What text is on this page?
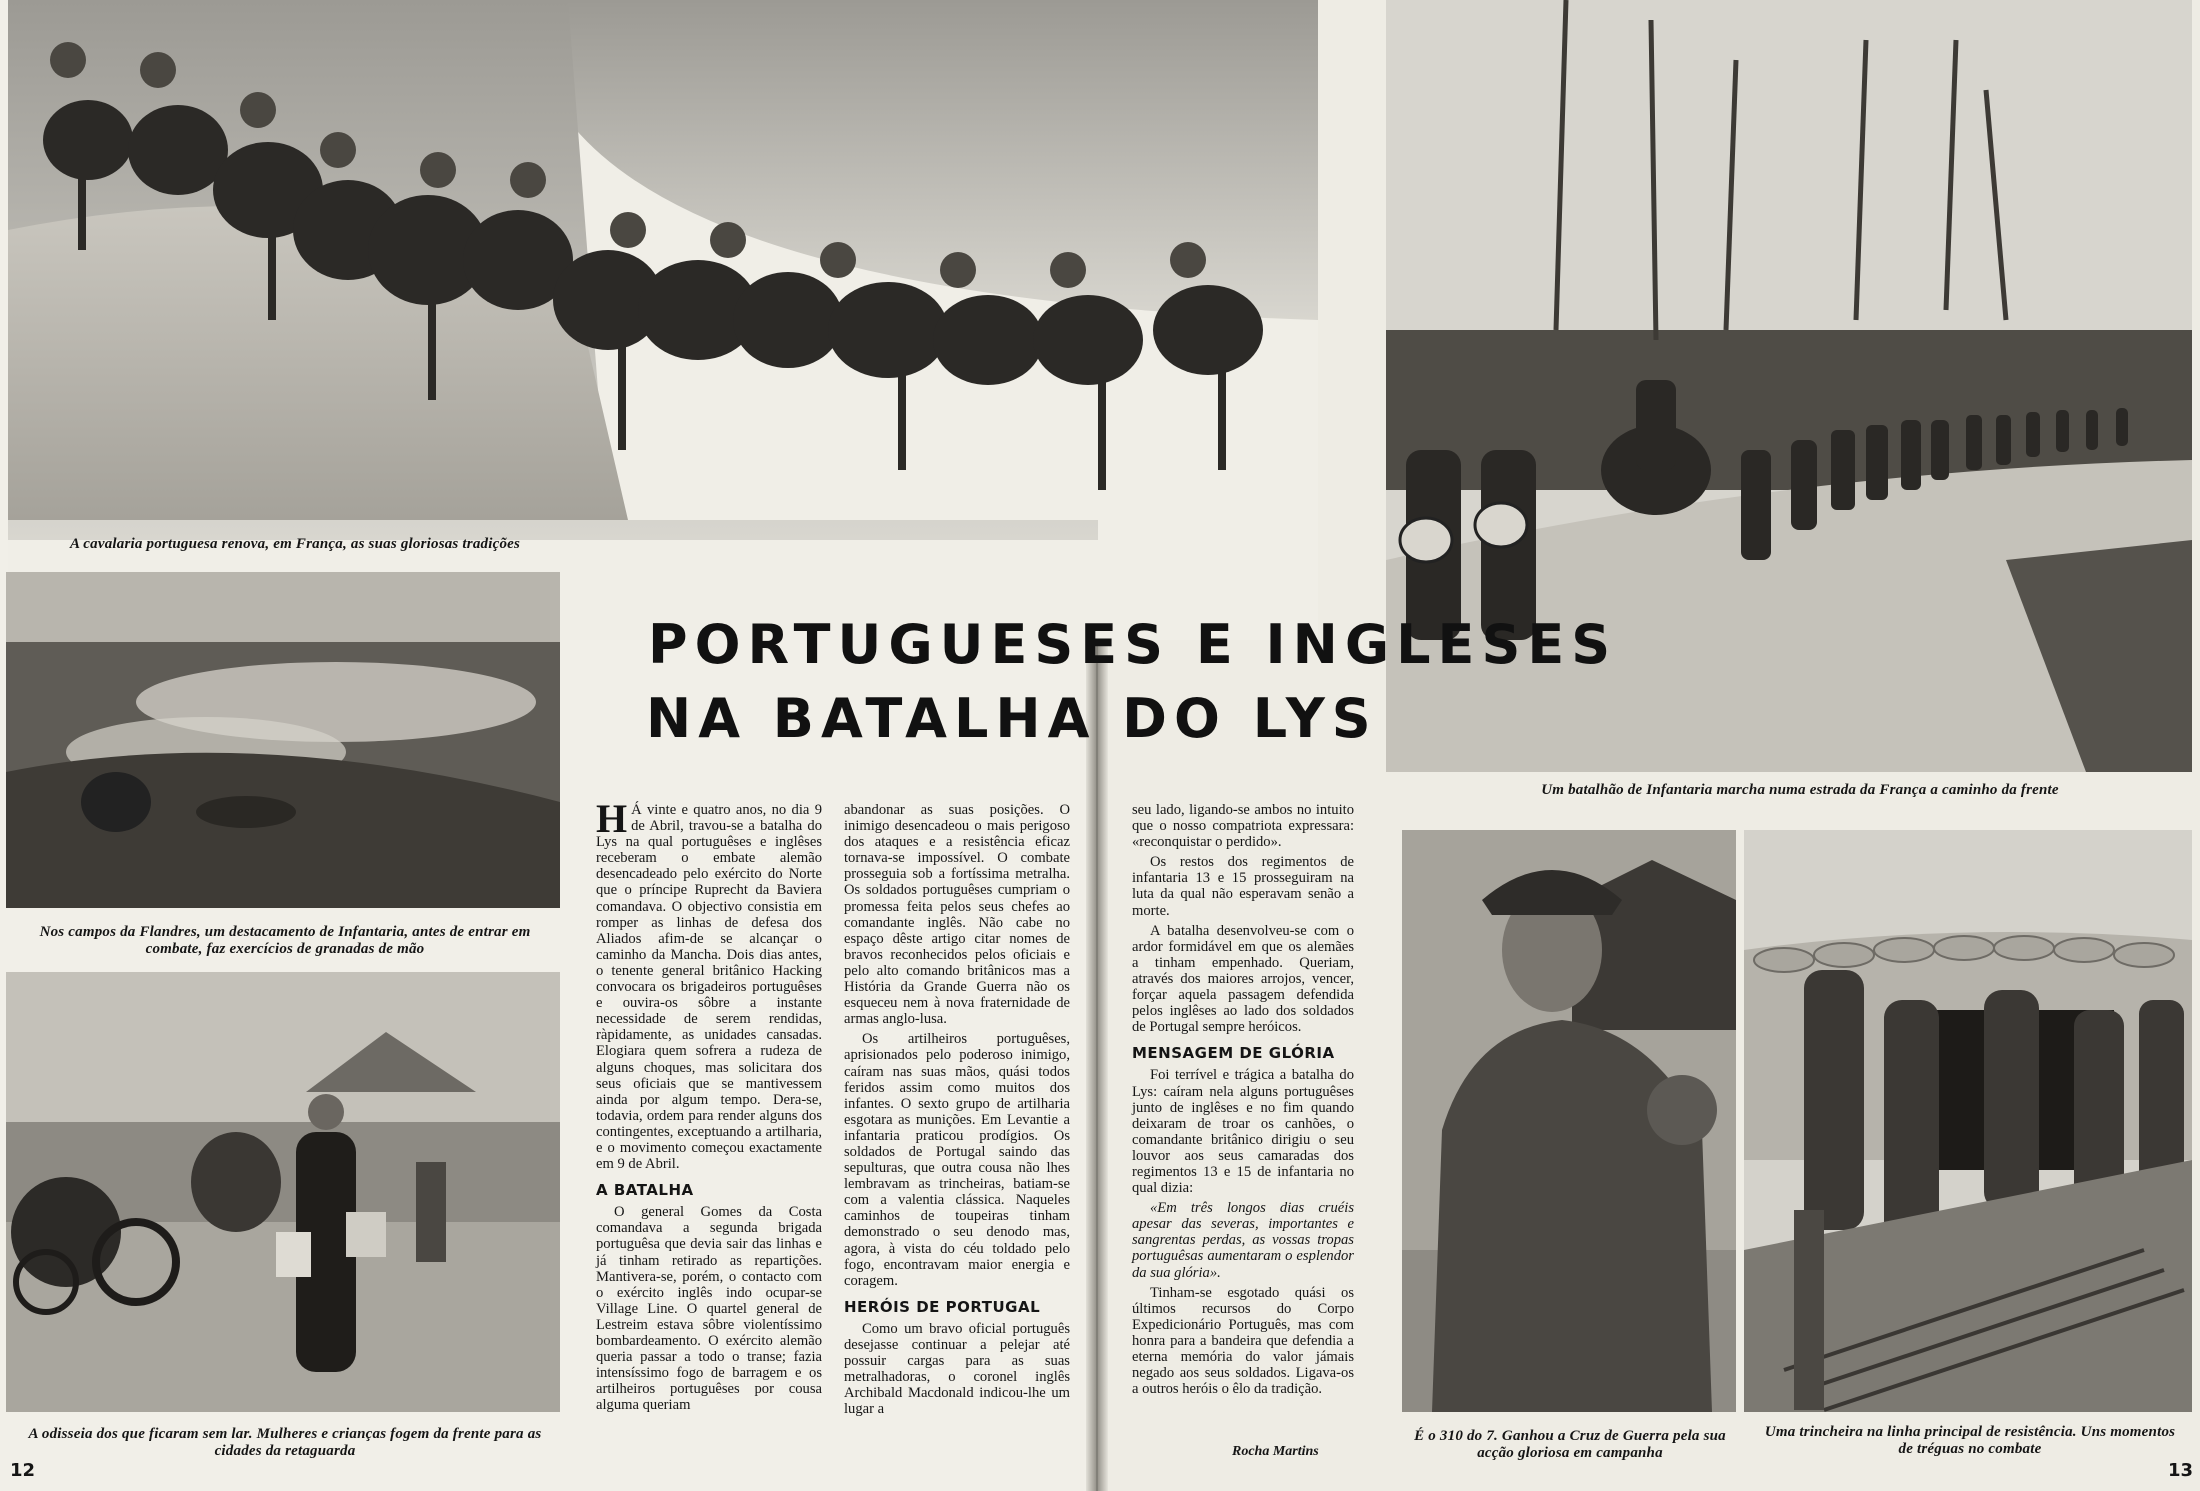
A cavalaria portuguesa renova, em França, as suas gloriosas tradições
Nos campos da Flandres, um destacamento de Infantaria, antes de entrar em combate, faz exercícios de granadas de mão
A odisseia dos que ficaram sem lar. Mulheres e crianças fogem da frente para as cidades da retaguarda
Um batalhão de Infantaria marcha numa estrada da França a caminho da frente
É o 310 do 7. Ganhou a Cruz de Guerra pela sua acção gloriosa em campanha
Uma trincheira na linha principal de resistência. Uns momentos de tréguas no combate
PORTUGUESES E INGLESES
NA BATALHA DO LYS

H Á vinte e quatro anos, no dia 9 de Abril, travou-se a batalha do Lys na qual portuguêses e inglêses receberam o embate alemão desencadeado pelo exército do Norte que o príncipe Ruprecht da Baviera comandava. O objectivo consistia em romper as linhas de defesa dos Aliados afim-de se alcançar o caminho da Mancha. Dois dias antes, o tenente general britânico Hacking convocara os brigadeiros portuguêses e ouvira-os sôbre a instante necessidade de serem rendidas, ràpidamente, as unidades cansadas. Elogiara quem sofrera a rudeza de alguns choques, mas solicitara dos seus oficiais que se mantivessem ainda por algum tempo. Dera-se, todavia, ordem para render alguns dos contingentes, exceptuando a artilharia, e o movimento começou exactamente em 9 de Abril.

A BATALHA

O general Gomes da Costa comandava a segunda brigada portuguêsa que devia sair das linhas e já tinham retirado as repartições. Mantivera-se, porém, o contacto com o exército inglês indo ocupar-se Village Line. O quartel general de Lestreim estava sôbre violentíssimo bombardeamento. O exército alemão queria passar a todo o transe; fazia intensíssimo fogo de barragem e os artilheiros portuguêses por cousa alguma queriam

abandonar as suas posições. O inimigo desencadeou o mais perigoso dos ataques e a resistência eficaz tornava-se impossível. O combate prosseguia sob a fortíssima metralha. Os soldados portuguêses cumpriam o promessa feita pelos seus chefes ao comandante inglês. Não cabe no espaço dêste artigo citar nomes de bravos reconhecidos pelos oficiais e pelo alto comando britânicos mas a História da Grande Guerra não os esqueceu nem à nova fraternidade de armas anglo-lusa.

Os artilheiros portuguêses, aprisionados pelo poderoso inimigo, caíram nas suas mãos, quási todos feridos assim como muitos dos infantes. O sexto grupo de artilharia esgotara as munições. Em Levantie a infantaria praticou prodígios. Os soldados de Portugal saindo das sepulturas, que outra cousa não lhes lembravam as trincheiras, batiam-se com a valentia clássica. Naqueles caminhos de toupeiras tinham demonstrado o seu denodo mas, agora, à vista do céu toldado pelo fogo, encontravam maior energia e coragem.

HERÓIS DE PORTUGAL

Como um bravo oficial português desejasse continuar a pelejar até possuir cargas para as suas metralhadoras, o coronel inglês Archibald Macdonald indicou-lhe um lugar a

seu lado, ligando-se ambos no intuito que o nosso compatriota expressara: «reconquistar o perdido».

Os restos dos regimentos de infantaria 13 e 15 prosseguiram na luta da qual não esperavam senão a morte.

A batalha desenvolveu-se com o ardor formidável em que os alemães a tinham empenhado. Queriam, através dos maiores arrojos, vencer, forçar aquela passagem defendida pelos inglêses ao lado dos soldados de Portugal sempre heróicos.

MENSAGEM DE GLÓRIA

Foi terrível e trágica a batalha do Lys: caíram nela alguns portuguêses junto de inglêses e no fim quando deixaram de troar os canhões, o comandante britânico dirigiu o seu louvor aos seus camaradas dos regimentos 13 e 15 de infantaria no qual dizia:

«Em três longos dias cruéis apesar das severas, importantes e sangrentas perdas, as vossas tropas portuguêsas aumentaram o esplendor da sua glória».

Tinham-se esgotado quási os últimos recursos do Corpo Expedicionário Português, mas com honra para a bandeira que defendia a eterna memória do valor jámais negado aos seus soldados. Ligava-os a outros heróis o êlo da tradição.

Rocha Martins
12	13
